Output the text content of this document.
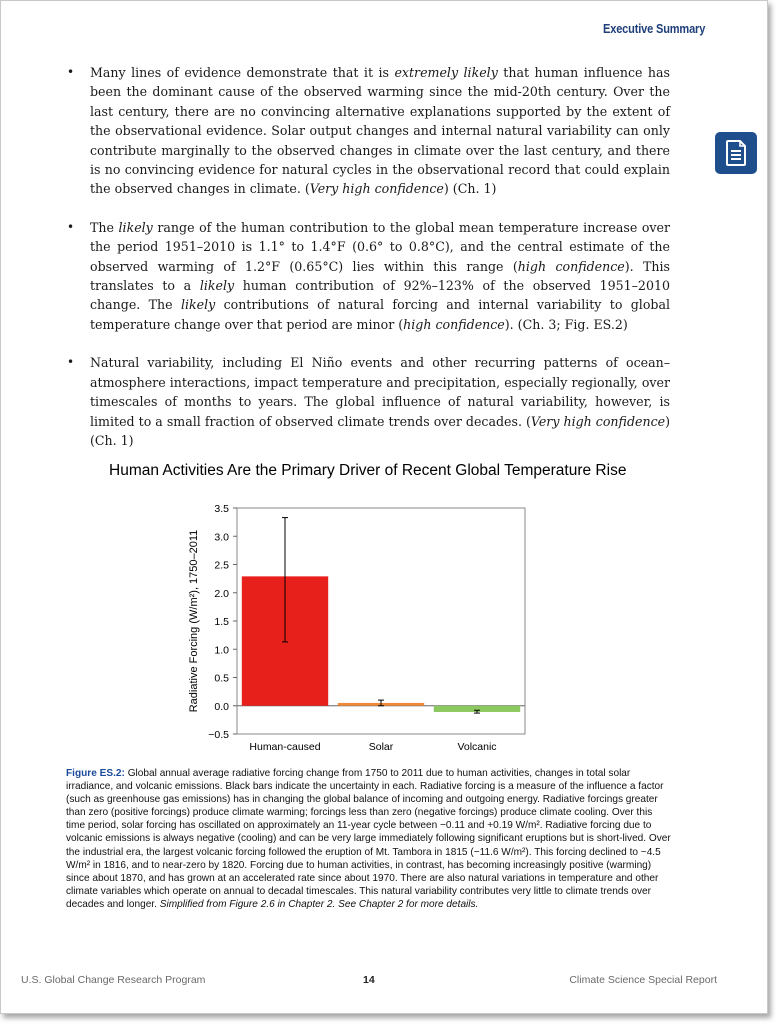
Executive Summary
• Many lines of evidence demonstrate that it is extremely likely that human influence has been the dominant cause of the observed warming since the mid-20th century. Over the last century, there are no convincing alternative explanations supported by the extent of the observational evidence. Solar output changes and internal natural variability can only contribute marginally to the observed changes in climate over the last century, and there is no convincing evidence for natural cycles in the observational record that could explain the observed changes in climate. (Very high confidence) (Ch. 1)
• The likely range of the human contribution to the global mean temperature increase over the period 1951–2010 is 1.1° to 1.4°F (0.6° to 0.8°C), and the central estimate of the observed warming of 1.2°F (0.65°C) lies within this range (high confidence). This translates to a likely human contribution of 92%–123% of the observed 1951–2010 change. The likely contributions of natural forcing and internal variability to global temperature change over that period are minor (high confidence). (Ch. 3; Fig. ES.2)
• Natural variability, including El Niño events and other recurring patterns of ocean–atmosphere interactions, impact temperature and precipitation, especially regionally, over timescales of months to years. The global influence of natural variability, however, is limited to a small fraction of observed climate trends over decades. (Very high confidence) (Ch. 1)
Human Activities Are the Primary Driver of Recent Global Temperature Rise
−0.5
0.0
0.5
1.0
1.5
2.0
2.5
3.0
3.5
Human-caused	Solar	Volcanic
Radiative Forcing (W/m²), 1750–2011
Figure ES.2: Global annual average radiative forcing change from 1750 to 2011 due to human activities, changes in total solar irradiance, and volcanic emissions. Black bars indicate the uncertainty in each. Radiative forcing is a measure of the influence a factor (such as greenhouse gas emissions) has in changing the global balance of incoming and outgoing energy. Radiative forcings greater than zero (positive forcings) produce climate warming; forcings less than zero (negative forcings) produce climate cooling. Over this time period, solar forcing has oscillated on approximately an 11-year cycle between −0.11 and +0.19 W/m². Radiative forcing due to volcanic emissions is always negative (cooling) and can be very large immediately following significant eruptions but is short-lived. Over the industrial era, the largest volcanic forcing followed the eruption of Mt. Tambora in 1815 (−11.6 W/m²). This forcing declined to ~4.5 W/m² in 1816, and to near-zero by 1820. Forcing due to human activities, in contrast, has becoming increasingly positive (warming) since about 1870, and has grown at an accelerated rate since about 1970. There are also natural variations in temperature and other climate variables which operate on annual to decadal timescales. This natural variability contributes very little to climate trends over decades and longer. Simplified from Figure 2.6 in Chapter 2. See Chapter 2 for more details.
U.S. Global Change Research Program	14	Climate Science Special Report
